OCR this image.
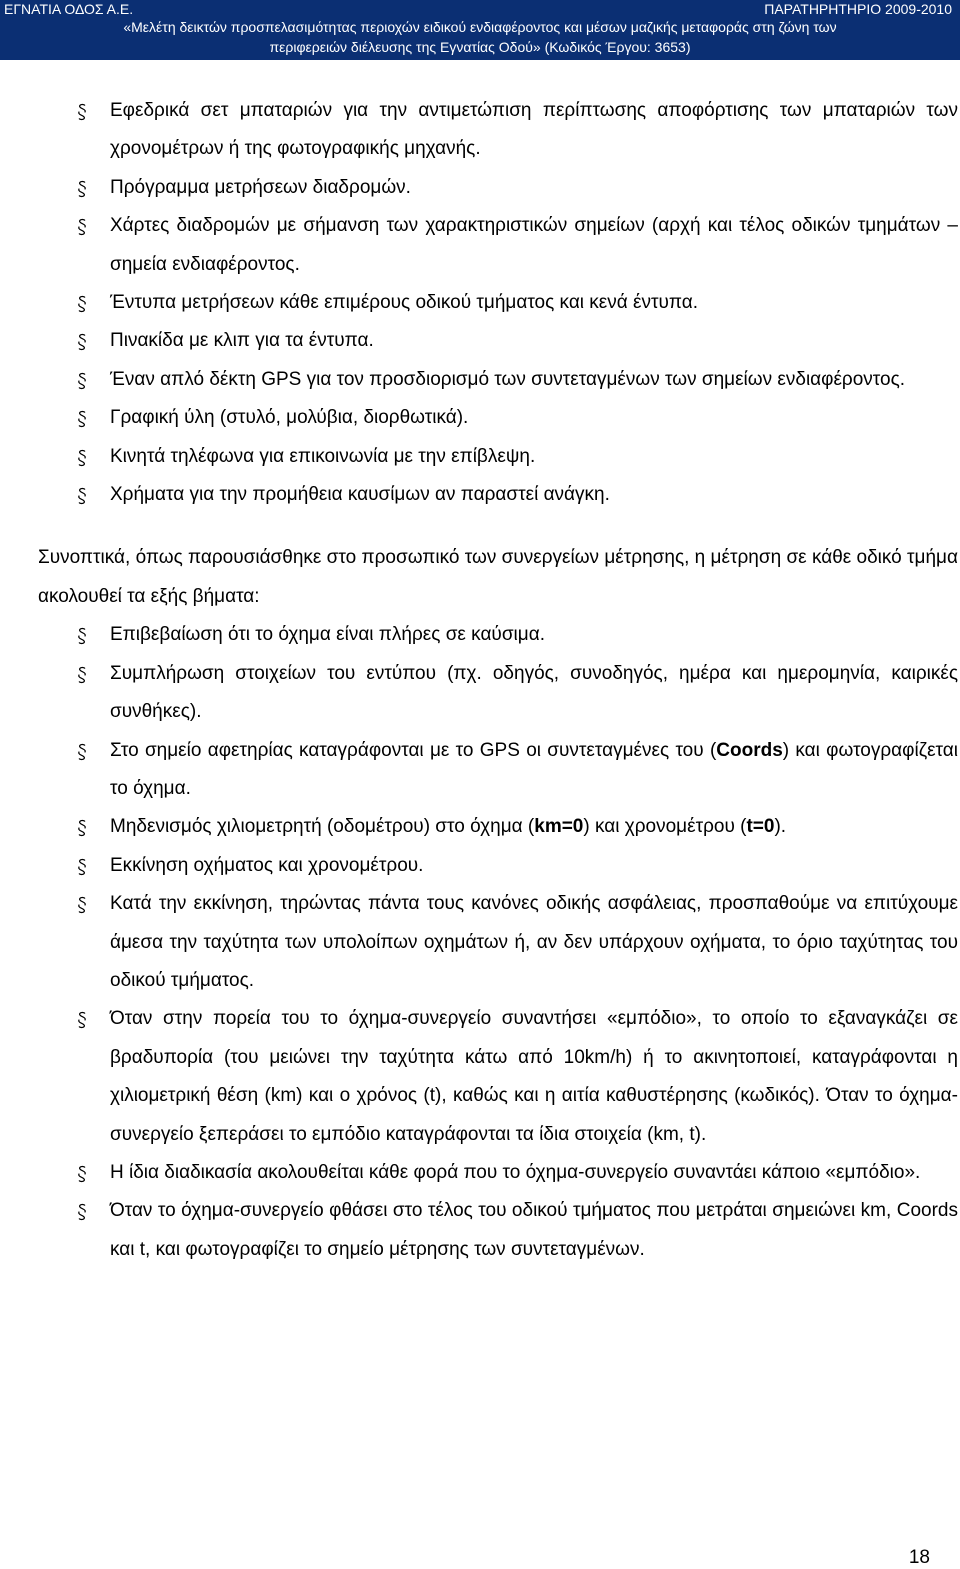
ΕΓΝΑΤΙΑ ΟΔΟΣ Α.Ε.	ΠΑΡΑΤΗΡΗΤΗΡΙΟ 2009-2010
«Μελέτη δεικτών προσπελασιμότητας περιοχών ειδικού ενδιαφέροντος και μέσων μαζικής μεταφοράς στη ζώνη των
περιφερειών διέλευσης της Εγνατίας Οδού» (Κωδικός Έργου: 3653)
Εφεδρικά σετ μπαταριών για την αντιμετώπιση περίπτωσης αποφόρτισης των μπαταριών των χρονομέτρων ή της φωτογραφικής μηχανής.
Πρόγραμμα μετρήσεων διαδρομών.
Χάρτες διαδρομών με σήμανση των χαρακτηριστικών σημείων (αρχή και τέλος οδικών τμημάτων – σημεία ενδιαφέροντος.
Έντυπα μετρήσεων κάθε επιμέρους οδικού τμήματος και κενά έντυπα.
Πινακίδα με κλιπ για τα έντυπα.
Έναν απλό δέκτη GPS για τον προσδιορισμό των συντεταγμένων των σημείων ενδιαφέροντος.
Γραφική ύλη (στυλό, μολύβια, διορθωτικά).
Κινητά τηλέφωνα για επικοινωνία με την επίβλεψη.
Χρήματα για την προμήθεια καυσίμων αν παραστεί ανάγκη.

Συνοπτικά, όπως παρουσιάσθηκε στο προσωπικό των συνεργείων μέτρησης, η μέτρηση σε κάθε οδικό τμήμα ακολουθεί τα εξής βήματα:

Επιβεβαίωση ότι το όχημα είναι πλήρες σε καύσιμα.
Συμπλήρωση στοιχείων του εντύπου (πχ. οδηγός, συνοδηγός, ημέρα και ημερομηνία, καιρικές συνθήκες).
Στο σημείο αφετηρίας καταγράφονται με το GPS οι συντεταγμένες του (Coords) και φωτογραφίζεται το όχημα.
Μηδενισμός χιλιομετρητή (οδομέτρου) στο όχημα (km=0) και χρονομέτρου (t=0).
Εκκίνηση οχήματος και χρονομέτρου.
Κατά την εκκίνηση, τηρώντας πάντα τους κανόνες οδικής ασφάλειας, προσπαθούμε να επιτύχουμε άμεσα την ταχύτητα των υπολοίπων οχημάτων ή, αν δεν υπάρχουν οχήματα, το όριο ταχύτητας του οδικού τμήματος.
Όταν στην πορεία του το όχημα-συνεργείο συναντήσει «εμπόδιο», το οποίο το εξαναγκάζει σε βραδυπορία (του μειώνει την ταχύτητα κάτω από 10km/h) ή το ακινητοποιεί, καταγράφονται η χιλιομετρική θέση (km) και ο χρόνος (t), καθώς και η αιτία καθυστέρησης (κωδικός). Όταν το όχημα-συνεργείο ξεπεράσει το εμπόδιο καταγράφονται τα ίδια στοιχεία (km, t).
Η ίδια διαδικασία ακολουθείται κάθε φορά που το όχημα-συνεργείο συναντάει κάποιο «εμπόδιο».
Όταν το όχημα-συνεργείο φθάσει στο τέλος του οδικού τμήματος που μετράται σημειώνει km, Coords και t, και φωτογραφίζει το σημείο μέτρησης των συντεταγμένων.
18
